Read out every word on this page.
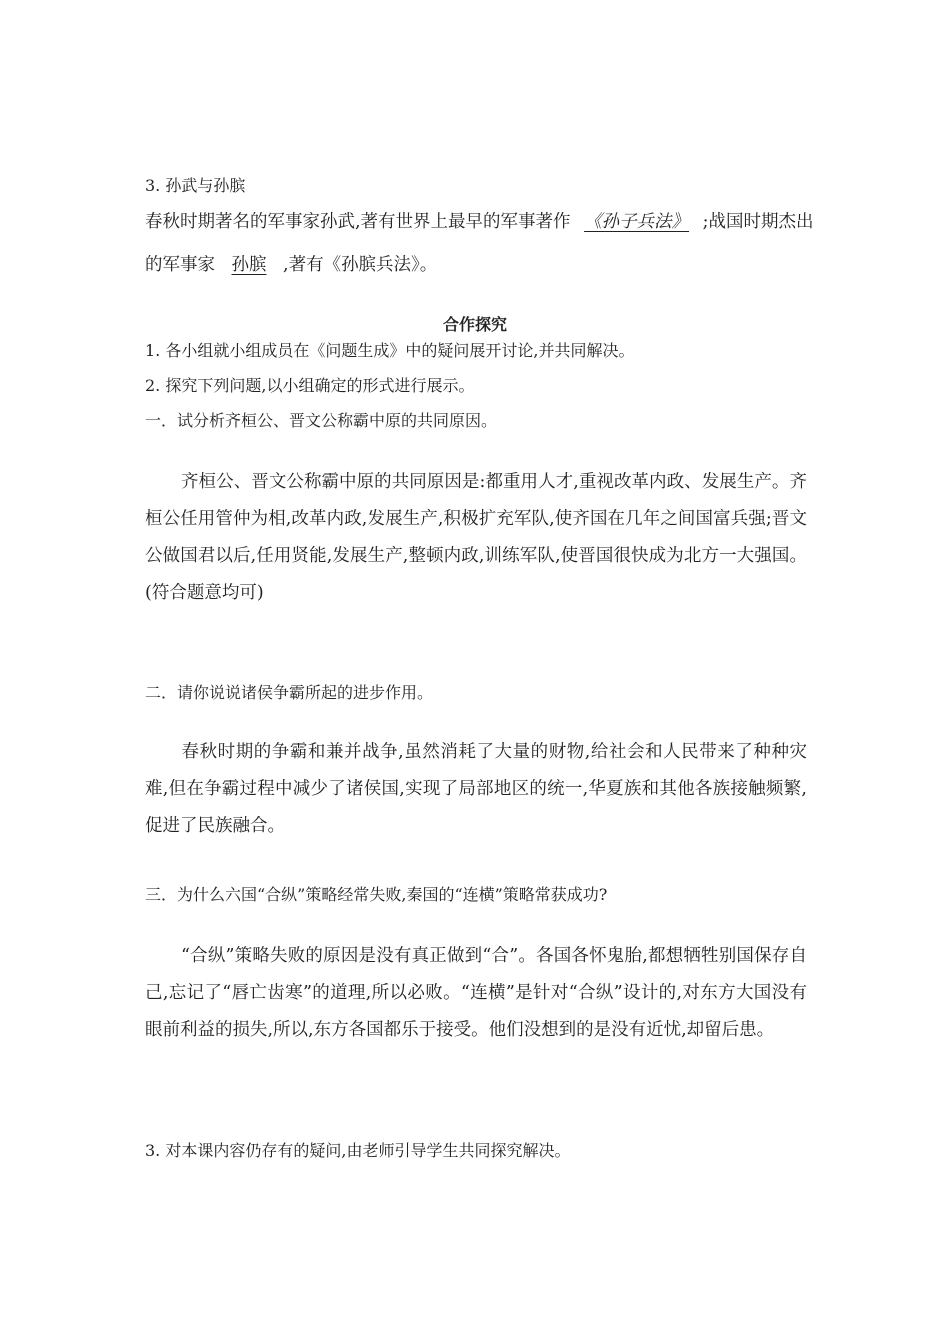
3. 孙武与孙膑
春秋时期著名的军事家孙武,著有世界上最早的军事著作 《孙子兵法》 ;战国时期杰出
的军事家 孙膑 ,著有《孙膑兵法》。
合作探究
1. 各小组就小组成员在《问题生成》中的疑问展开讨论,并共同解决。
2. 探究下列问题,以小组确定的形式进行展示。
一．试分析齐桓公、晋文公称霸中原的共同原因。
齐桓公、晋文公称霸中原的共同原因是:都重用人才,重视改革内政、发展生产。齐桓公任用管仲为相,改革内政,发展生产,积极扩充军队,使齐国在几年之间国富兵强;晋文公做国君以后,任用贤能,发展生产,整顿内政,训练军队,使晋国很快成为北方一大强国。(符合题意均可)
二．请你说说诸侯争霸所起的进步作用。
春秋时期的争霸和兼并战争,虽然消耗了大量的财物,给社会和人民带来了种种灾难,但在争霸过程中减少了诸侯国,实现了局部地区的统一,华夏族和其他各族接触频繁,促进了民族融合。
三．为什么六国“合纵”策略经常失败,秦国的“连横”策略常获成功?
“合纵”策略失败的原因是没有真正做到“合”。各国各怀鬼胎,都想牺牲别国保存自己,忘记了“唇亡齿寒”的道理,所以必败。“连横”是针对“合纵”设计的,对东方大国没有眼前利益的损失,所以,东方各国都乐于接受。他们没想到的是没有近忧,却留后患。
3. 对本课内容仍存有的疑问,由老师引导学生共同探究解决。
